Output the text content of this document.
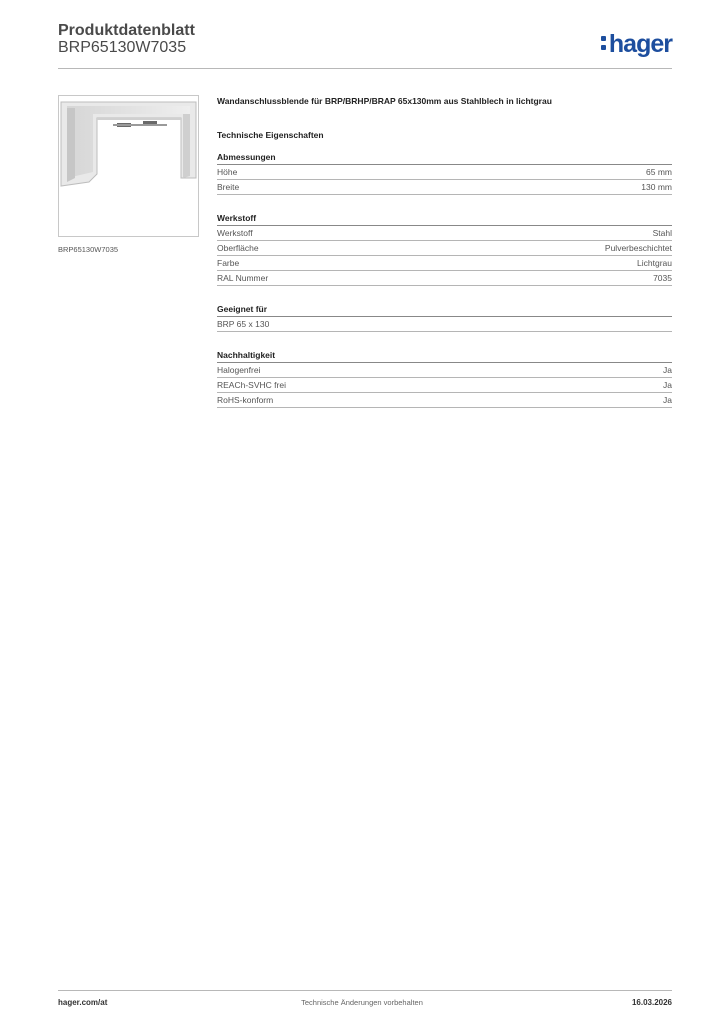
Produktdatenblatt
BRP65130W7035	hager
BRP65130W7035
Wandanschlussblende für BRP/BRHP/BRAP 65x130mm aus Stahlblech in lichtgrau
Technische Eigenschaften
Abmessungen
Höhe	65 mm
Breite	130 mm
Werkstoff
Werkstoff	Stahl
Oberfläche	Pulverbeschichtet
Farbe	Lichtgrau
RAL Nummer	7035
Geeignet für
BRP 65 x 130
Nachhaltigkeit
Halogenfrei	Ja
REACh-SVHC frei	Ja
RoHS-konform	Ja
hager.com/at	Technische Änderungen vorbehalten	16.03.2026
